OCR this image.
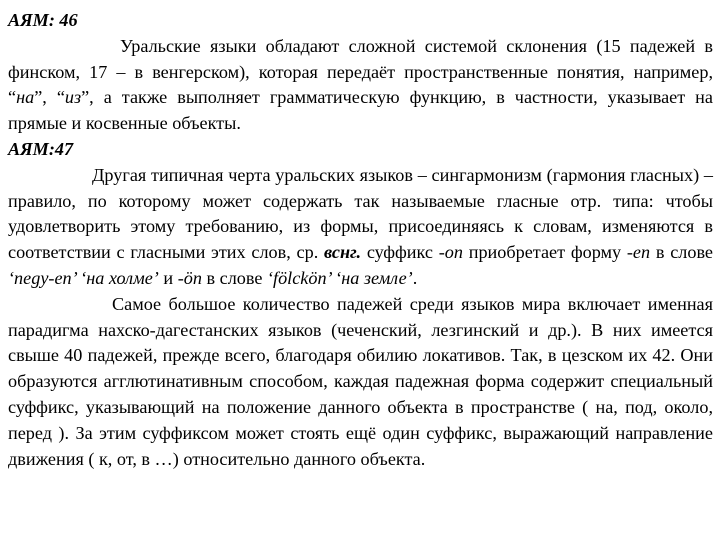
АЯМ: 46

Уральские языки обладают сложной системой склонения (15 падежей в финском, 17 – в венгерском), которая передаёт пространственные понятия, например, “на”, “из”, а также выполняет грамматическую функцию, в частности, указывает на прямые и косвенные объекты.

АЯМ:47

Другая типичная черта уральских языков – сингармонизм (гармония гласных) –правило, по которому может содержать так называемые гласные отр. типа: чтобы удовлетворить этому требованию, из формы, присоединяясь к словам, изменяются в соответствии с гласными этих слов, ср. вснг. суффикс -on приобретает форму -en в слове ‘negy-en’ ‘на холме’ и -ön в слове ‘fölckön’ ‘на земле’.

Самое большое количество падежей среди языков мира включает именная парадигма нахско-дагестанских языков (чеченский, лезгинский и др.). В них имеется свыше 40 падежей, прежде всего, благодаря обилию локативов. Так, в цезском их 42. Они образуются агглютинативным способом, каждая падежная форма содержит специальный суффикс, указывающий на положение данного объекта в пространстве ( на, под, около, перед ). За этим суффиксом может стоять ещё один суффикс, выражающий направление движения ( к, от, в …) относительно данного объекта.
